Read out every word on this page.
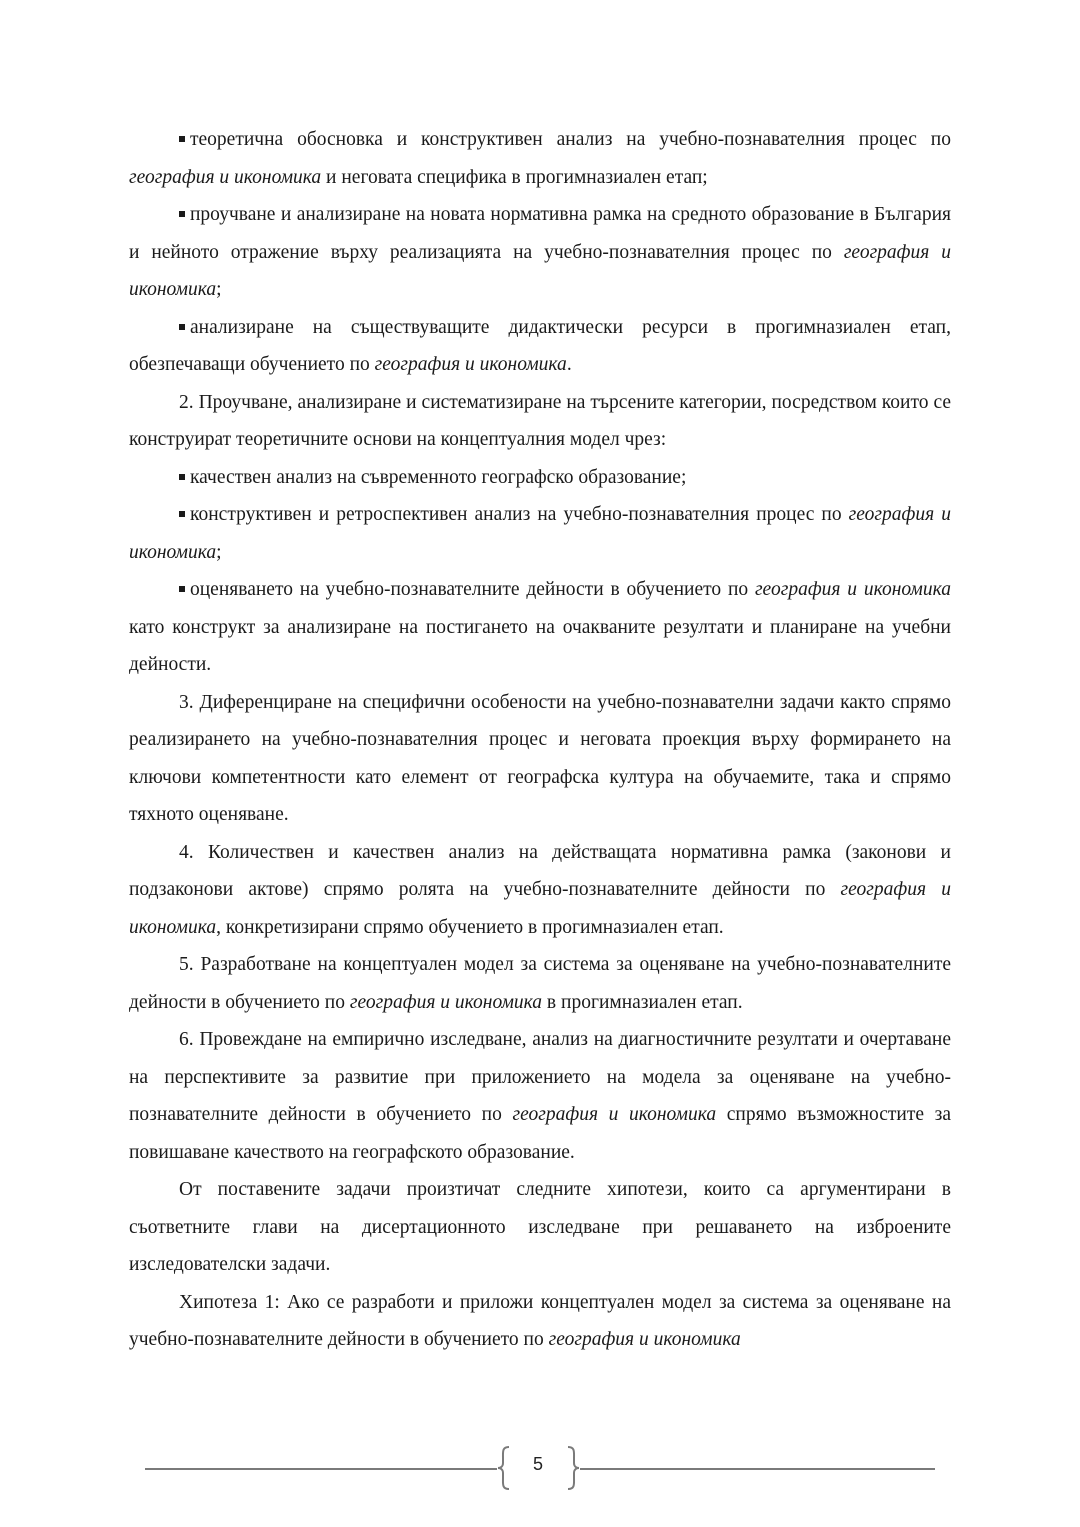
теоретична обосновка и конструктивен анализ на учебно-познавателния процес по география и икономика и неговата специфика в прогимназиален етап;

проучване и анализиране на новата нормативна рамка на средното образование в България и нейното отражение върху реализацията на учебно-познавателния процес по география и икономика;

анализиране на съществуващите дидактически ресурси в прогимназиален етап, обезпечаващи обучението по география и икономика.

2. Проучване, анализиране и систематизиране на търсените категории, посредством които се конструират теоретичните основи на концептуалния модел чрез:

качествен анализ на съвременното географско образование;

конструктивен и ретроспективен анализ на учебно-познавателния процес по география и икономика;

оценяването на учебно-познавателните дейности в обучението по география и икономика като конструкт за анализиране на постигането на очакваните резултати и планиране на учебни дейности.

3. Диференциране на специфични особености на учебно-познавателни задачи както спрямо реализирането на учебно-познавателния процес и неговата проекция върху формирането на ключови компетентности като елемент от географска култура на обучаемите, така и спрямо тяхното оценяване.

4. Количествен и качествен анализ на действащата нормативна рамка (законови и подзаконови актове) спрямо ролята на учебно-познавателните дейности по география и икономика, конкретизирани спрямо обучението в прогимназиален етап.

5. Разработване на концептуален модел за система за оценяване на учебно-познавателните дейности в обучението по география и икономика в прогимназиален етап.

6. Провеждане на емпирично изследване, анализ на диагностичните резултати и очертаване на перспективите за развитие при приложението на модела за оценяване на учебно-познавателните дейности в обучението по география и икономика спрямо възможностите за повишаване качеството на географското образование.

От поставените задачи произтичат следните хипотези, които са аргументирани в съответните глави на дисертационното изследване при решаването на изброените изследователски задачи.

Хипотеза 1: Ако се разработи и приложи концептуален модел за система за оценяване на учебно-познавателните дейности в обучението по география и икономика

5
